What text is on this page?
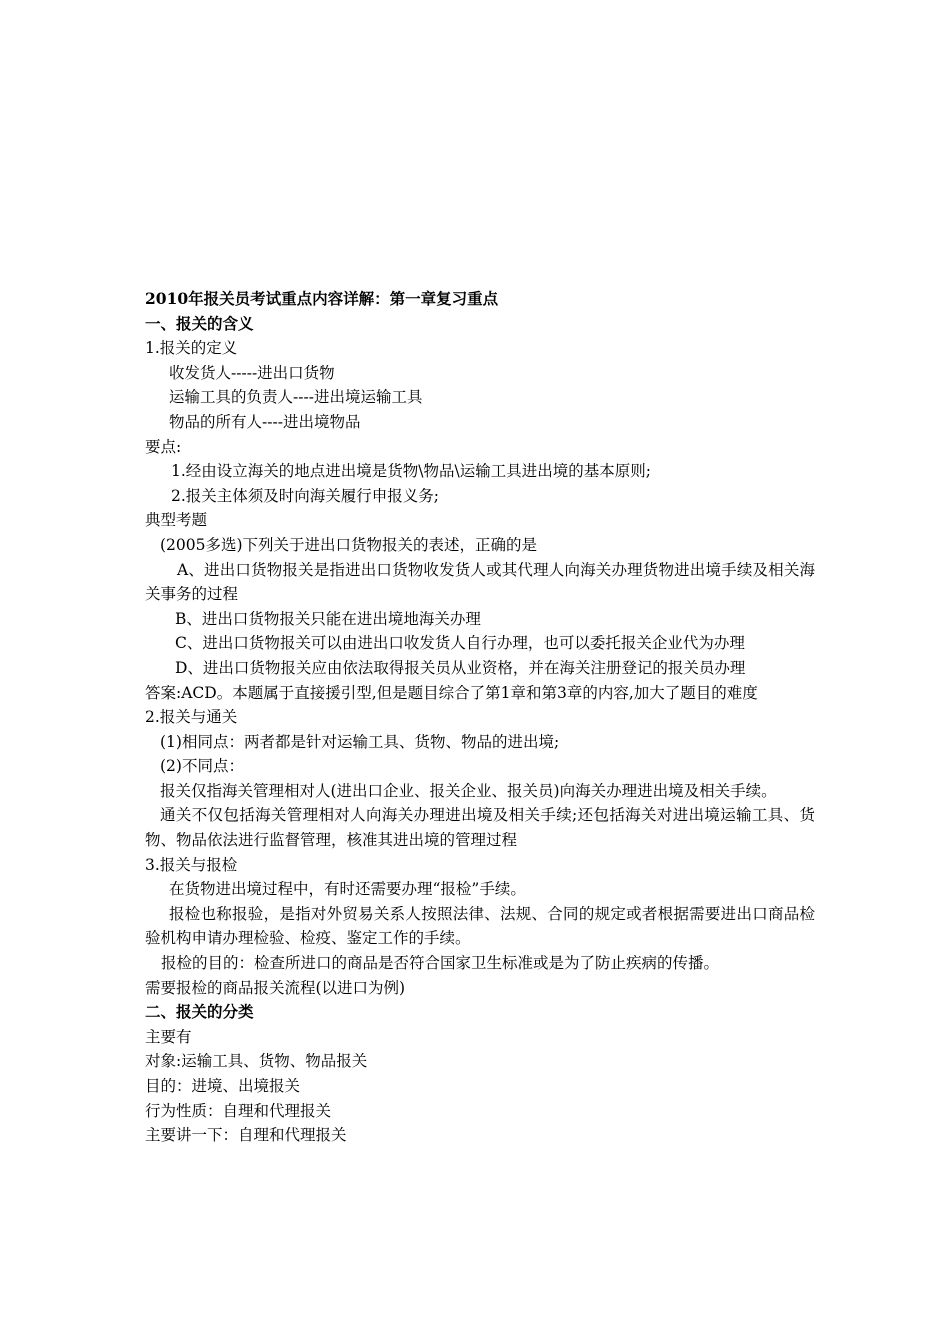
2010年报关员考试重点内容详解：第一章复习重点

一、报关的含义

1.报关的定义

收发货人-----进出口货物

运输工具的负责人----进出境运输工具

物品的所有人----进出境物品

要点:

1.经由设立海关的地点进出境是货物\物品\运输工具进出境的基本原则;

2.报关主体须及时向海关履行申报义务;

典型考题

(2005多选)下列关于进出口货物报关的表述，正确的是

A、进出口货物报关是指进出口货物收发货人或其代理人向海关办理货物进出境手续及相关海关事务的过程

B、进出口货物报关只能在进出境地海关办理

C、进出口货物报关可以由进出口收发货人自行办理，也可以委托报关企业代为办理

D、进出口货物报关应由依法取得报关员从业资格，并在海关注册登记的报关员办理

答案:ACD。本题属于直接援引型,但是题目综合了第1章和第3章的内容,加大了题目的难度

2.报关与通关

(1)相同点：两者都是针对运输工具、货物、物品的进出境;

(2)不同点：

报关仅指海关管理相对人(进出口企业、报关企业、报关员)向海关办理进出境及相关手续。

通关不仅包括海关管理相对人向海关办理进出境及相关手续;还包括海关对进出境运输工具、货物、物品依法进行监督管理，核准其进出境的管理过程

3.报关与报检

在货物进出境过程中，有时还需要办理“报检”手续。

报检也称报验，是指对外贸易关系人按照法律、法规、合同的规定或者根据需要进出口商品检验机构申请办理检验、检疫、鉴定工作的手续。

报检的目的：检查所进口的商品是否符合国家卫生标准或是为了防止疾病的传播。

需要报检的商品报关流程(以进口为例)

二、报关的分类

主要有

对象:运输工具、货物、物品报关

目的：进境、出境报关

行为性质：自理和代理报关

主要讲一下：自理和代理报关
